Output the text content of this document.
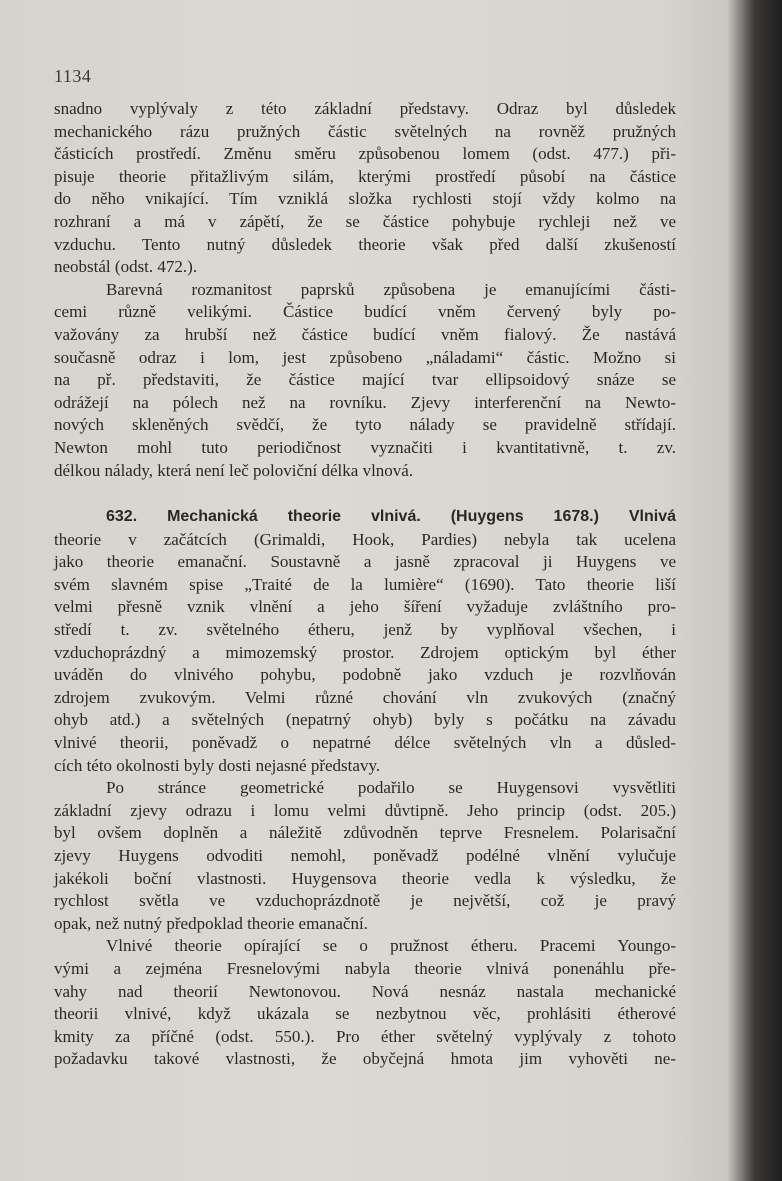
1134
snadno vyplývaly z této základní představy. Odraz byl důsledek
mechanického rázu pružných částic světelných na rovněž pružných
částicích prostředí. Změnu směru způsobenou lomem (odst. 477.) při-
pisuje theorie přitažlivým silám, kterými prostředí působí na částice
do něho vnikající. Tím vzniklá složka rychlosti stojí vždy kolmo na
rozhraní a má v zápětí, že se částice pohybuje rychleji než ve
vzduchu. Tento nutný důsledek theorie však před další zkušeností
neobstál (odst. 472.).
Barevná rozmanitost paprsků způsobena je emanujícími části-
cemi různě velikými. Částice budící vněm červený byly po-
važovány za hrubší než částice budící vněm fialový. Že nastává
současně odraz i lom, jest způsobeno „náladami“ částic. Možno si
na př. představiti, že částice mající tvar ellipsoidový snáze se
odrážejí na pólech než na rovníku. Zjevy interferenční na Newto-
nových skleněných svědčí, že tyto nálady se pravidelně střídají.
Newton mohl tuto periodičnost vyznačiti i kvantitativně, t. zv.
délkou nálady, která není leč poloviční délka vlnová.
632. Mechanická theorie vlnivá. (Huygens 1678.) Vlnivá
theorie v začátcích (Grimaldi, Hook, Pardies) nebyla tak ucelena
jako theorie emanační. Soustavně a jasně zpracoval ji Huygens ve
svém slavném spise „Traité de la lumière“ (1690). Tato theorie liší
velmi přesně vznik vlnění a jeho šíření vyžaduje zvláštního pro-
středí t. zv. světelného étheru, jenž by vyplňoval všechen, i
vzduchoprázdný a mimozemský prostor. Zdrojem optickým byl éther
uváděn do vlnivého pohybu, podobně jako vzduch je rozvlňován
zdrojem zvukovým. Velmi různé chování vln zvukových (značný
ohyb atd.) a světelných (nepatrný ohyb) byly s počátku na závadu
vlnivé theorii, poněvadž o nepatrné délce světelných vln a důsled-
cích této okolnosti byly dosti nejasné představy.
Po stránce geometrické podařilo se Huygensovi vysvětliti
základní zjevy odrazu i lomu velmi důvtipně. Jeho princip (odst. 205.)
byl ovšem doplněn a náležitě zdůvodněn teprve Fresnelem. Polarisační
zjevy Huygens odvoditi nemohl, poněvadž podélné vlnění vylučuje
jakékoli boční vlastnosti. Huygensova theorie vedla k výsledku, že
rychlost světla ve vzduchoprázdnotě je největší, což je pravý
opak, než nutný předpoklad theorie emanační.
Vlnivé theorie opírající se o pružnost étheru. Pracemi Youngo-
vými a zejména Fresnelovými nabyla theorie vlnivá ponenáhlu pře-
vahy nad theorií Newtonovou. Nová nesnáz nastala mechanické
theorii vlnivé, když ukázala se nezbytnou věc, prohlásiti étherové
kmity za příčné (odst. 550.). Pro éther světelný vyplývaly z tohoto
požadavku takové vlastnosti, že obyčejná hmota jim vyhověti ne-
